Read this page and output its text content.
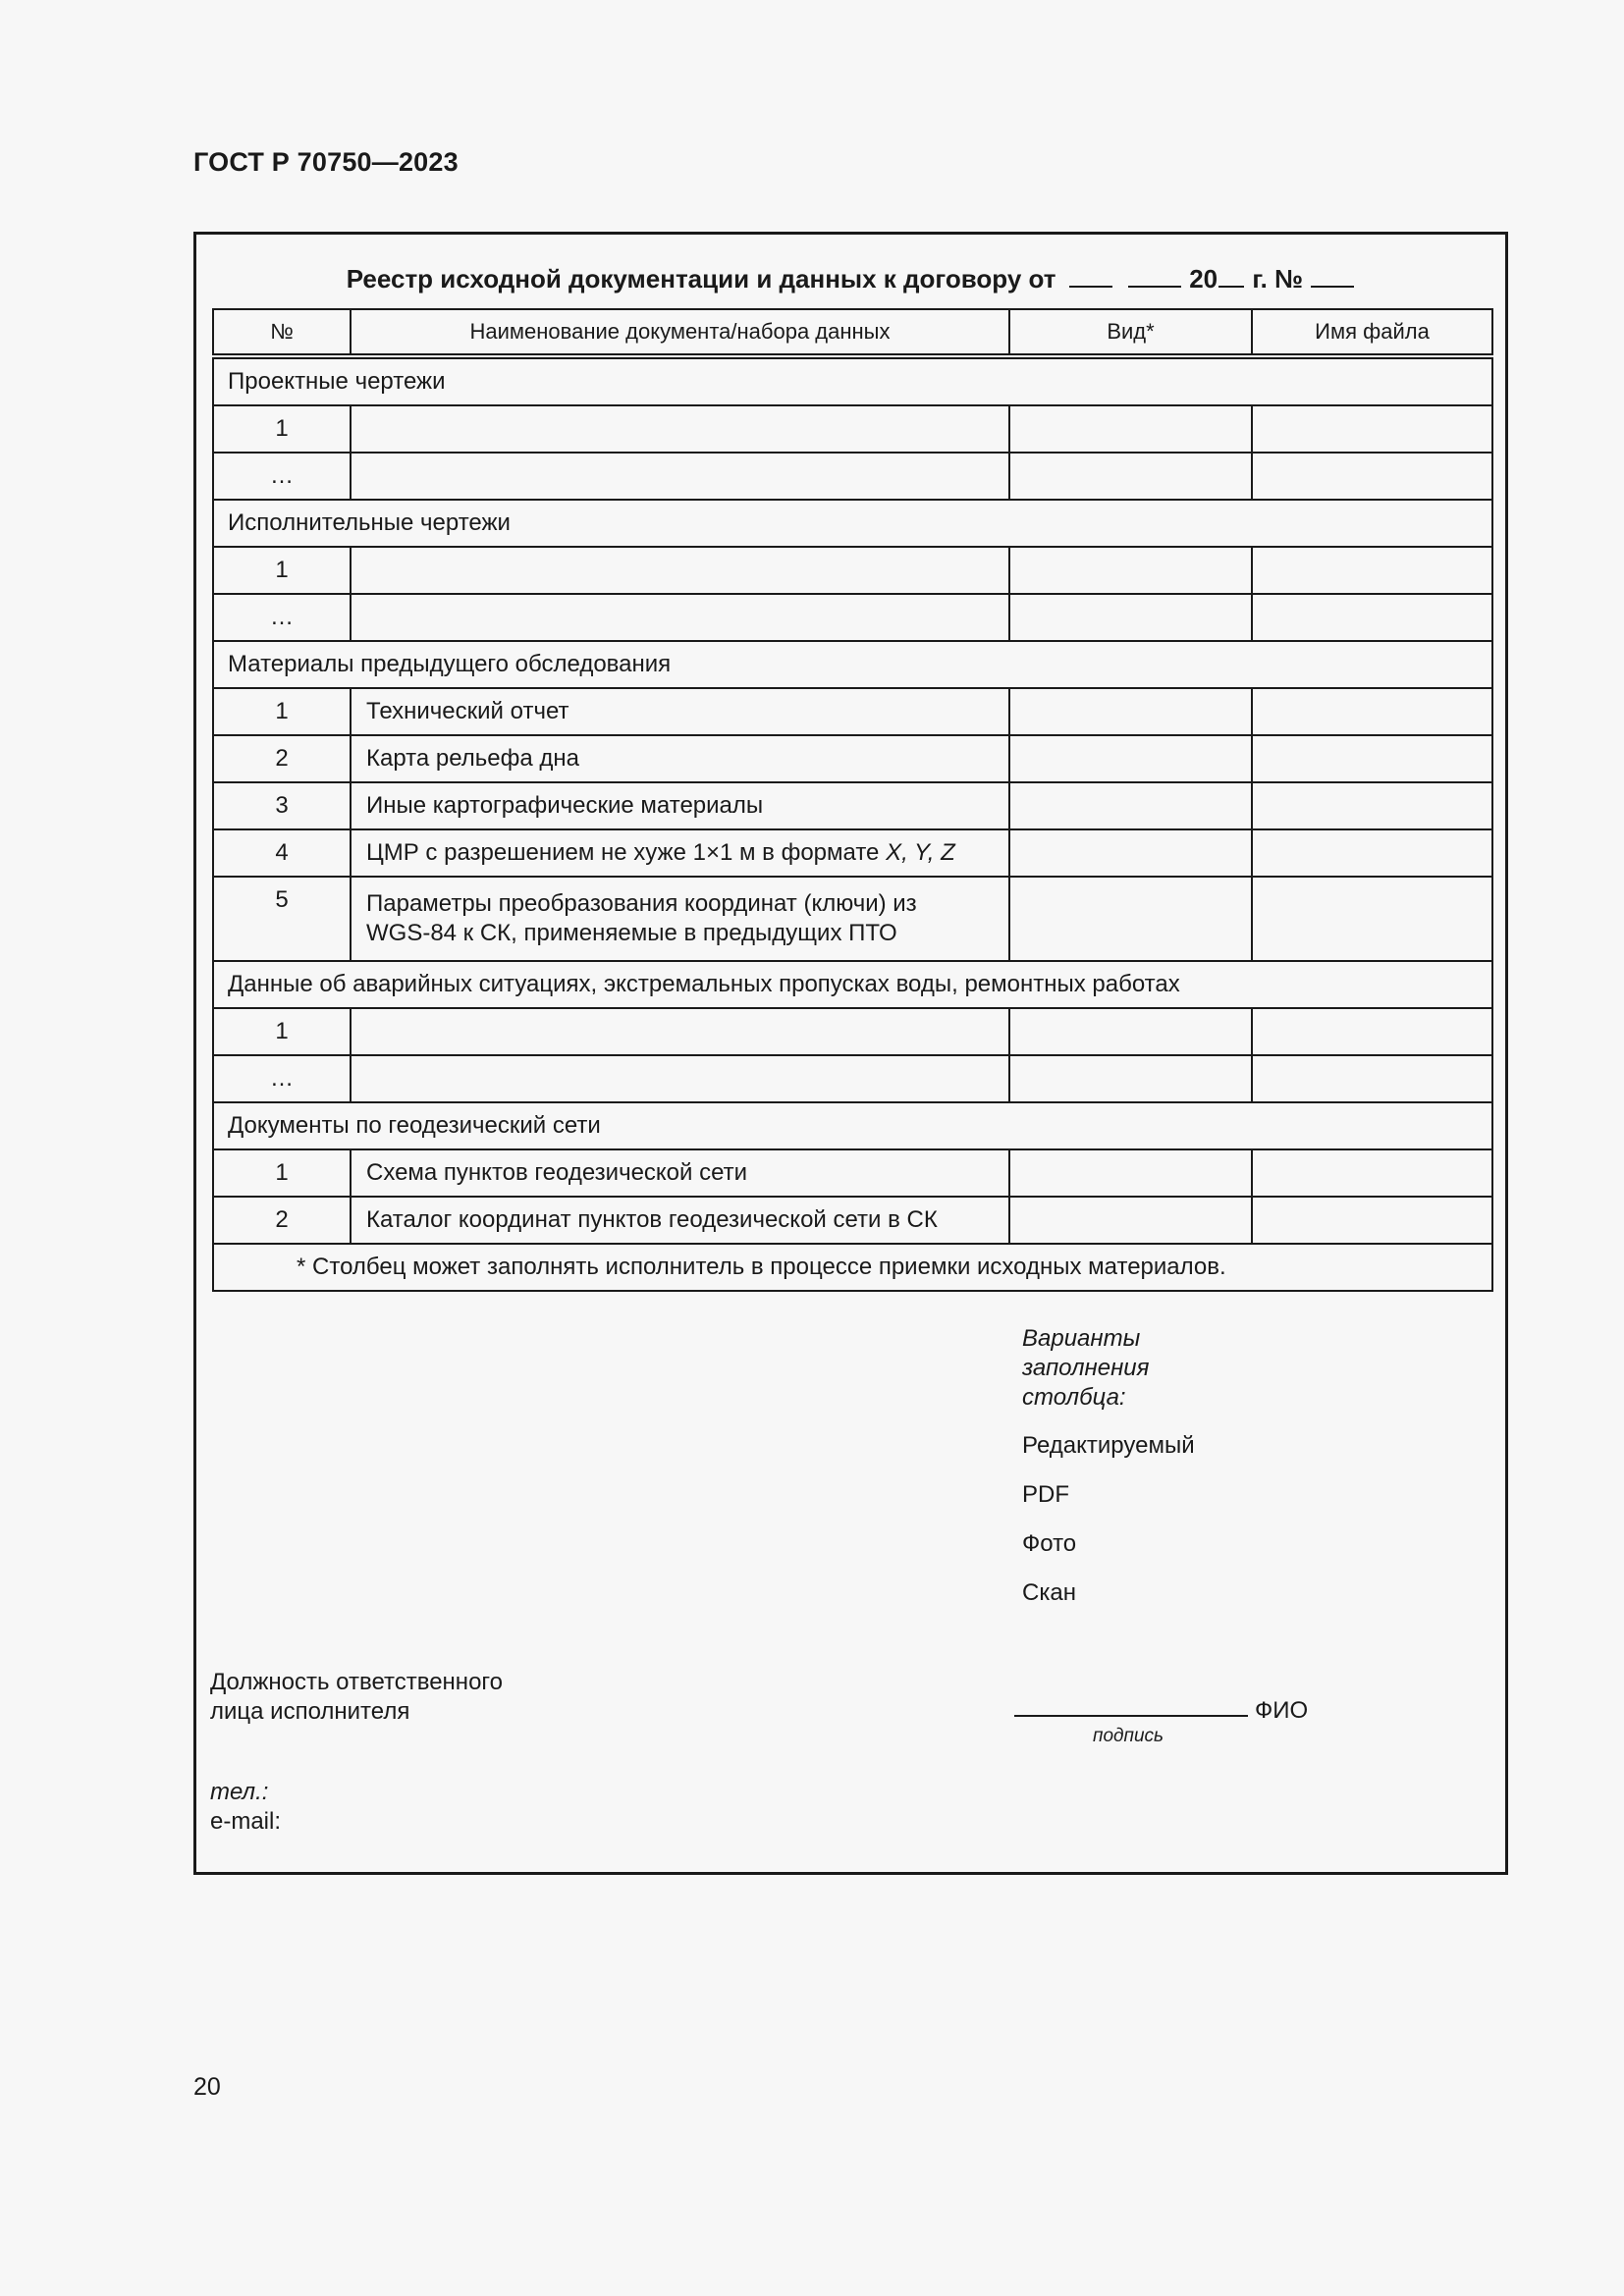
ГОСТ Р 70750—2023
Реестр исходной документации и данных к договору от	20 г. №
№	Наименование документа/набора данных	Вид*	Имя файла
Проектные чертежи			
1			
…			
Исполнительные чертежи			
1			
…			
Материалы предыдущего обследования			
1	Технический отчет		
2	Карта рельефа дна		
3	Иные картографические материалы		
4	ЦМР с разрешением не хуже 1×1 м в формате X, Y, Z		
5	Параметры преобразования координат (ключи) из
WGS-84 к СК, применяемые в предыдущих ПТО		

Данные об аварийных ситуациях, экстремальных пропусках воды, ремонтных работах			
1			
…			
Документы по геодезический сети			
1	Схема пунктов геодезической сети		
2	Каталог координат пунктов геодезической сети в СК		
* Столбец может заполнять исполнитель в процессе приемки исходных материалов.			
Варианты заполнения столбца:
Редактируемый
PDF
Фото
Скан
Должность ответственного лица исполнителя	ФИО
подпись
тел.:
e-mail:
20
